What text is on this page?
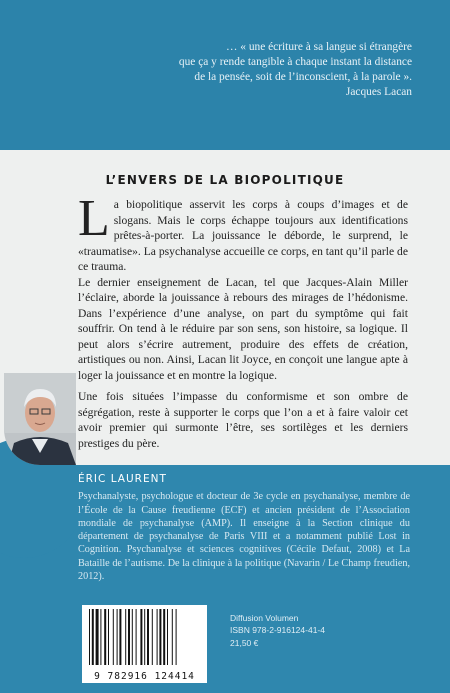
… « une écriture à sa langue si étrangère
que ça y rende tangible à chaque instant la distance
de la pensée, soit de l’inconscient, à la parole ».
Jacques Lacan
L’ENVERS DE LA BIOPOLITIQUE
L a biopolitique asservit les corps à coups d’images et de slogans. Mais le corps échappe toujours aux identifications prêtes-à-porter. La jouissance le déborde, le surprend, le «traumatise». La psychanalyse accueille ce corps, en tant qu’il parle de ce trauma.

Le dernier enseignement de Lacan, tel que Jacques-Alain Miller l’éclaire, aborde la jouissance à rebours des mirages de l’hédonisme. Dans l’expérience d’une analyse, on part du symptôme qui fait souffrir. On tend à le réduire par son sens, son histoire, sa logique. Il peut alors s’écrire autrement, produire des effets de création, artistiques ou non. Ainsi, Lacan lit Joyce, en conçoit une langue apte à loger la jouissance et en montre la logique.

Une fois situées l’impasse du conformisme et son ombre de ségrégation, reste à supporter le corps que l’on a et à faire valoir cet avoir premier qui surmonte l’être, ses sortilèges et les derniers prestiges du père.

ÉRIC LAURENT
Psychanalyste, psychologue et docteur de 3e cycle en psychanalyse, membre de l’École de la Cause freudienne (ECF) et ancien président de l’Association mondiale de psychanalyse (AMP). Il enseigne à la Section clinique du département de psychanalyse de Paris VIII et a notamment publié Lost in Cognition. Psychanalyse et sciences cognitives (Cécile Defaut, 2008) et La Bataille de l’autisme. De la clinique à la politique (Navarin / Le Champ freudien, 2012).
9 782916 124414
Diffusion Volumen
ISBN 978-2-916124-41-4
21,50 €
